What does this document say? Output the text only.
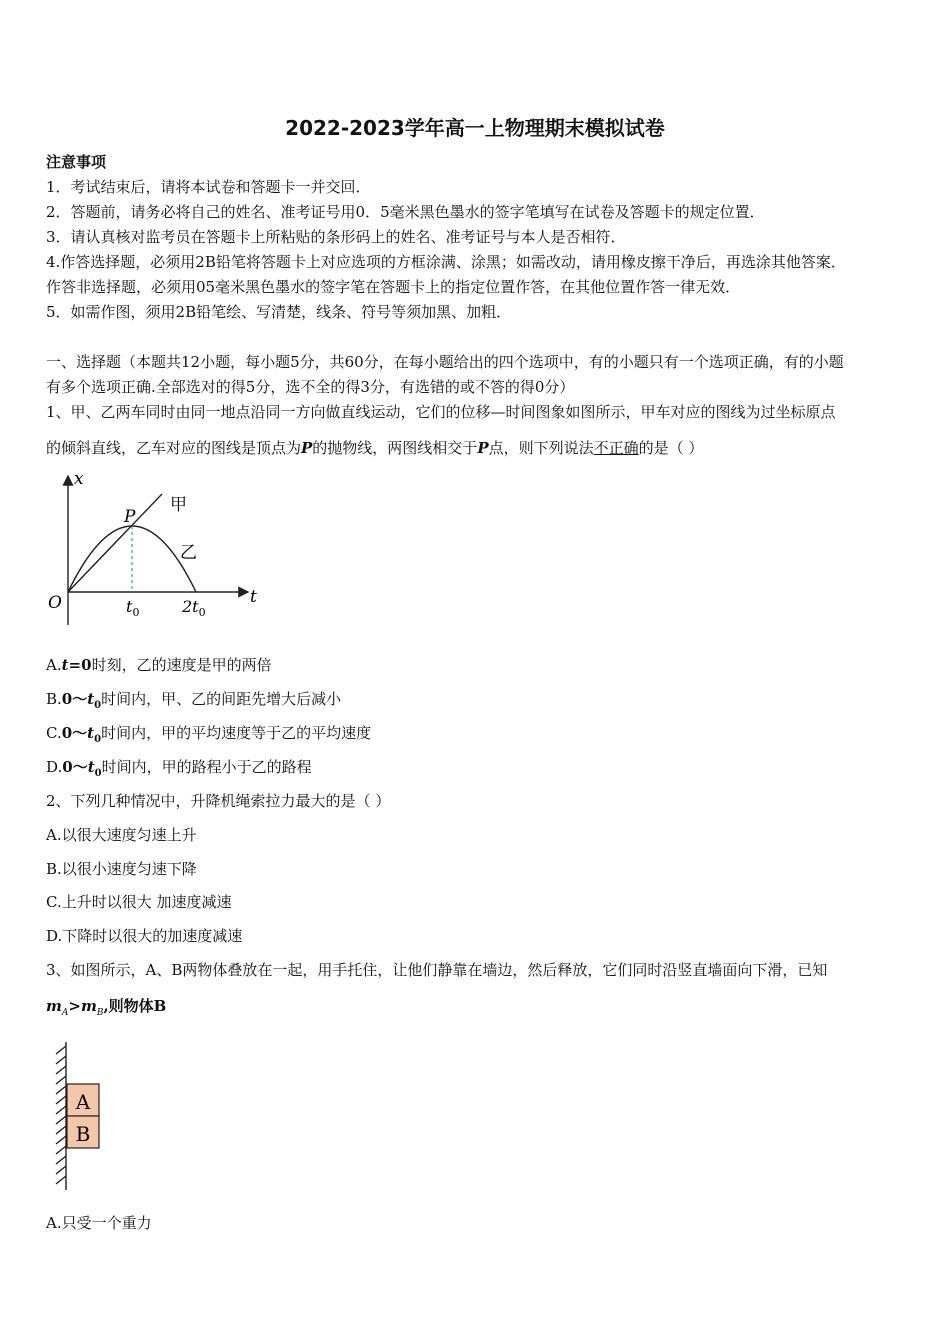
2022-2023学年高一上物理期末模拟试卷
注意事项
1．考试结束后，请将本试卷和答题卡一并交回．
2．答题前，请务必将自己的姓名、准考证号用0．5毫米黑色墨水的签字笔填写在试卷及答题卡的规定位置．
3．请认真核对监考员在答题卡上所粘贴的条形码上的姓名、准考证号与本人是否相符．
4.作答选择题，必须用2B铅笔将答题卡上对应选项的方框涂满、涂黑；如需改动，请用橡皮擦干净后，再选涂其他答案．
作答非选择题，必须用05毫米黑色墨水的签字笔在答题卡上的指定位置作答，在其他位置作答一律无效．
5．如需作图，须用2B铅笔绘、写清楚，线条、符号等须加黑、加粗．
一、选择题（本题共12小题，每小题5分，共60分，在每小题给出的四个选项中，有的小题只有一个选项正确，有的小题
有多个选项正确.全部选对的得5分，选不全的得3分，有选错的或不答的得0分）
1、甲、乙两车同时由同一地点沿同一方向做直线运动，它们的位移—时间图象如图所示，甲车对应的图线为过坐标原点
的倾斜直线，乙车对应的图线是顶点为P的抛物线，两图线相交于P点，则下列说法不正确的是（ ）
x
t
O
P
甲
乙
$t_0$	$2t_0$
A.t=0时刻，乙的速度是甲的两倍
$B.0\sim t_0$时间内，甲、乙的间距先增大后减小
$C.0\sim t_0$时间内，甲的平均速度等于乙的平均速度
$D.0\sim t_0$时间内，甲的路程小于乙的路程
2、下列几种情况中，升降机绳索拉力最大的是（ ）
A.以很大速度匀速上升
B.以很小速度匀速下降
C.上升时以很大 加速度减速
D.下降时以很大的加速度减速
3、如图所示，A、B两物体叠放在一起，用手托住，让他们静靠在墙边，然后释放，它们同时沿竖直墙面向下滑，已知
$m_A>m_B$,则物体B
A
B
A.只受一个重力
